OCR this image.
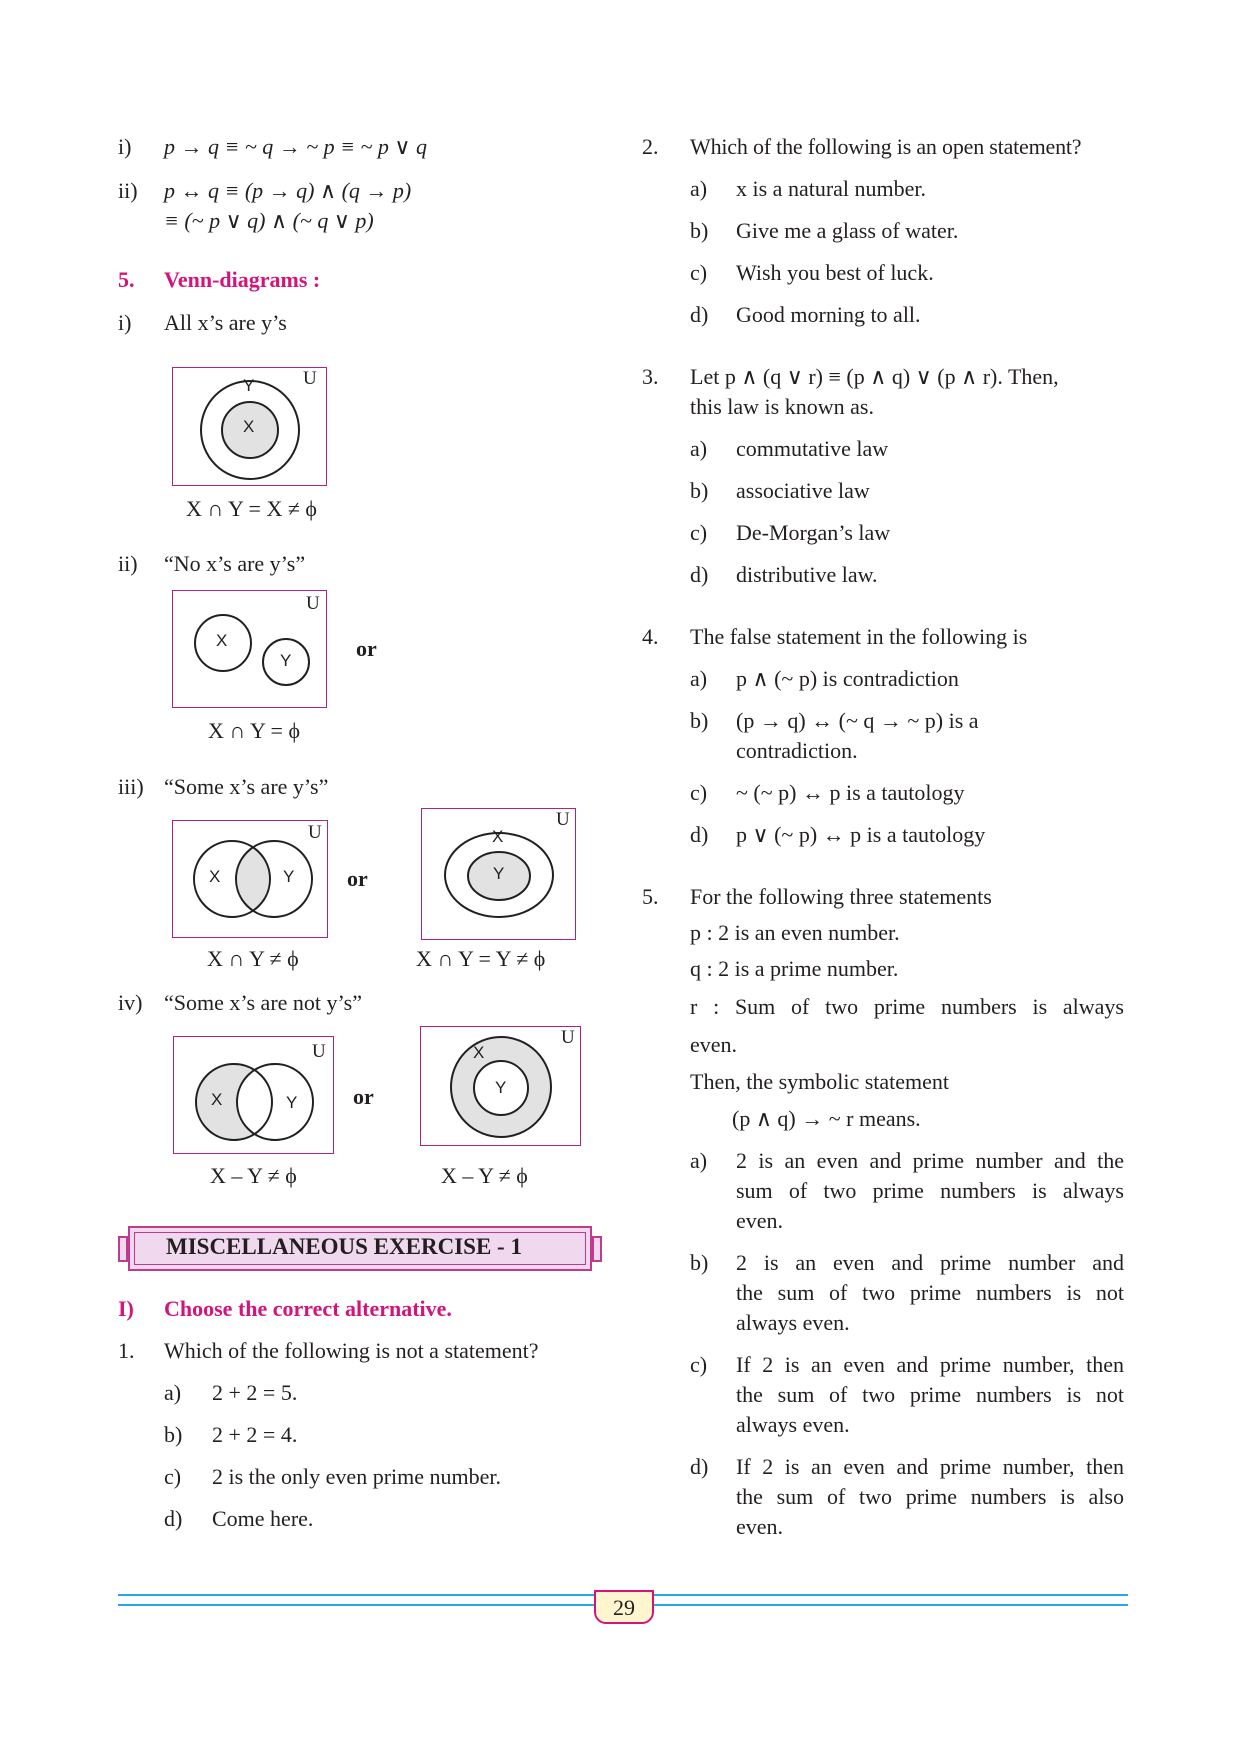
i) p → q ≡ ~ q → ~ p ≡ ~ p ∨ q
ii) p ↔ q ≡ (p → q) ∧ (q → p)
≡ (~ p ∨ q) ∧ (~ q ∨ p)
5. Venn-diagrams :
i) All x’s are y’s
U
Y
X
X ∩ Y = X ≠ ϕ
ii) “No x’s are y’s”
U
X
Y	or
X ∩ Y = ϕ
iii) “Some x’s are y’s”
U
X	Y or
U
X
Y
X ∩ Y ≠ ϕ	X ∩ Y = Y ≠ ϕ
iv) “Some x’s are not y’s”
U
X	Y	or
U
X
Y
X – Y ≠ ϕ	X – Y ≠ ϕ
MISCELLANEOUS EXERCISE - 1
I) Choose the correct alternative.
1. Which of the following is not a statement?
a) 2 + 2 = 5.
b) 2 + 2 = 4.
c) 2 is the only even prime number.
d) Come here.
2. Which of the following is an open statement?
a) x is a natural number.
b) Give me a glass of water.
c) Wish you best of luck.
d) Good morning to all.
3. Let p ∧ (q ∨ r) ≡ (p ∧ q) ∨ (p ∧ r). Then,
this law is known as.
a) commutative law
b) associative law
c) De-Morgan’s law
d) distributive law.
4. The false statement in the following is
a) p ∧ (~ p) is contradiction
b) (p → q) ↔ (~ q → ~ p) is a
contradiction.
c) ~ (~ p) ↔ p is a tautology
d) p ∨ (~ p) ↔ p is a tautology
5. For the following three statements
p : 2 is an even number.
q : 2 is a prime number.
r : Sum of two prime numbers is always
even.
Then, the symbolic statement
(p ∧ q) → ~ r means.
a) 2 is an even and prime number and the
sum of two prime numbers is always
even.
b) 2 is an even and prime number and
the sum of two prime numbers is not
always even.
c) If 2 is an even and prime number, then
the sum of two prime numbers is not
always even.
d) If 2 is an even and prime number, then
the sum of two prime numbers is also
even.
29
